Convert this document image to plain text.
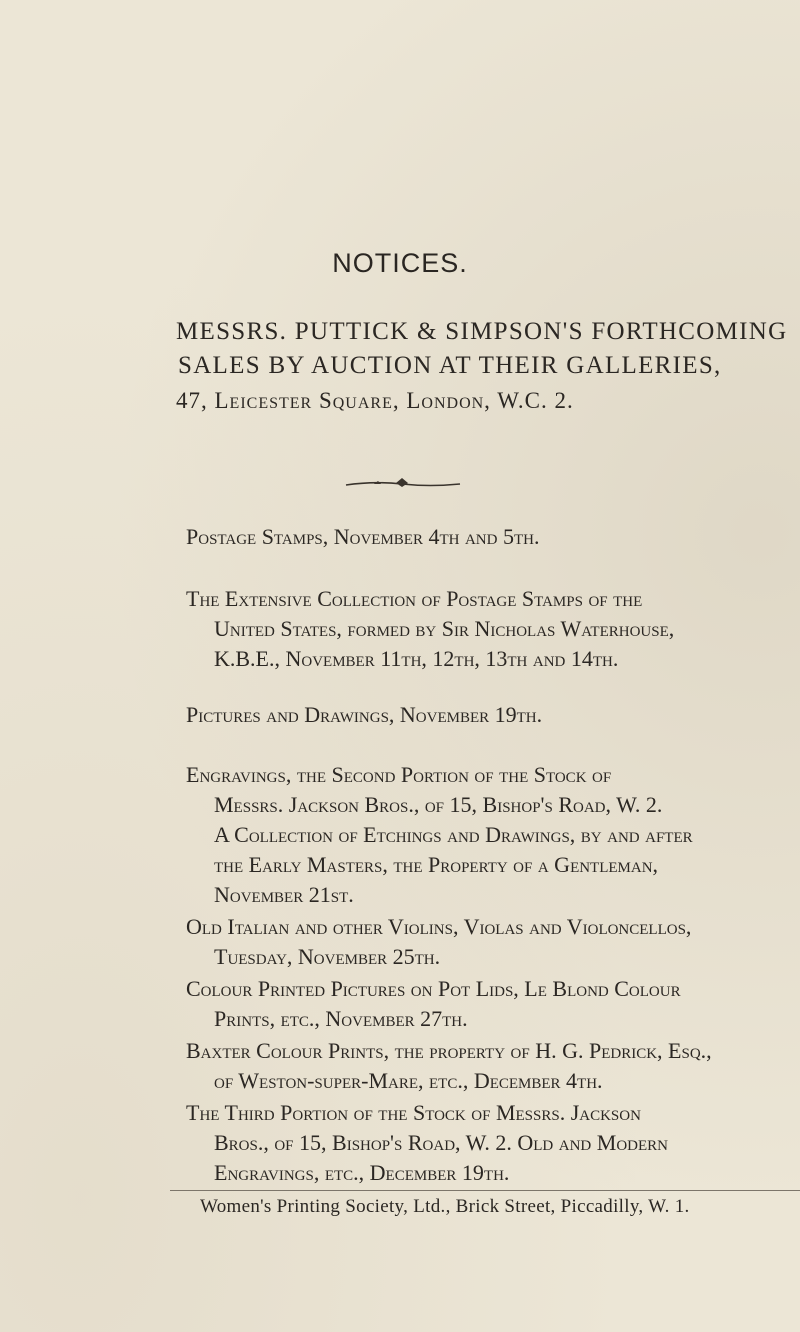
NOTICES.
MESSRS. PUTTICK & SIMPSON'S FORTHCOMING
SALES BY AUCTION AT THEIR GALLERIES,
47, Leicester Square, London, W.C. 2.
Postage Stamps, November 4th and 5th.
The Extensive Collection of Postage Stamps of the
United States, formed by Sir Nicholas Waterhouse,
K.B.E., November 11th, 12th, 13th and 14th.
Pictures and Drawings, November 19th.
Engravings, the Second Portion of the Stock of
Messrs. Jackson Bros., of 15, Bishop's Road, W. 2.
A Collection of Etchings and Drawings, by and after
the Early Masters, the Property of a Gentleman,
November 21st.
Old Italian and other Violins, Violas and Violoncellos,
Tuesday, November 25th.
Colour Printed Pictures on Pot Lids, Le Blond Colour
Prints, etc., November 27th.
Baxter Colour Prints, the property of H. G. Pedrick, Esq.,
of Weston-super-Mare, etc., December 4th.
The Third Portion of the Stock of Messrs. Jackson
Bros., of 15, Bishop's Road, W. 2. Old and Modern
Engravings, etc., December 19th.
Women's Printing Society, Ltd., Brick Street, Piccadilly, W. 1.
